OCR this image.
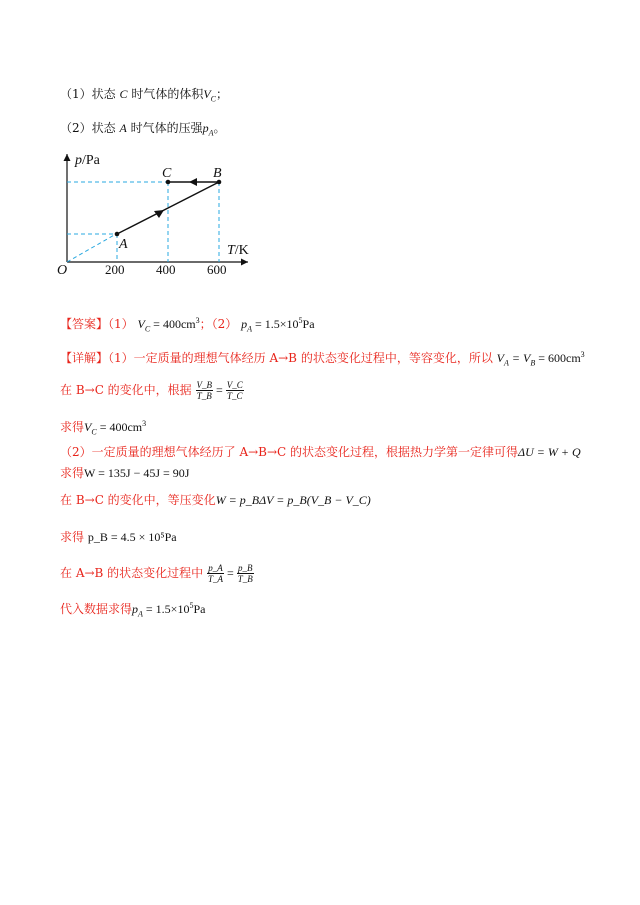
（1）状态 C 时气体的体积$V_C$；
（2）状态 A 时气体的压强$p_A$。
p/Pa
T/K
O	200 400 600
A
B
C
【答案】（1） $V_C = 400cm^3$；（2） $p_A = 1.5\times 10^5Pa$
【详解】（1）一定质量的理想气体经历 A→B 的状态变化过程中，等容变化，所以 $V_A = V_B = 600cm^3$
在 B→C 的变化中，根据 $\frac{V\_B}{T\_B} = \frac{V\_C}{T\_C}$
求得$V_C = 400cm^3$
（2）一定质量的理想气体经历了 A→B→C 的状态变化过程，根据热力学第一定律可得ΔU = W + Q
求得W = 135J − 45J = 90J
在 B→C 的变化中，等压变化W = p_BΔV = p_B(V_B − V_C)
求得 p_B = 4.5 × 10⁵Pa
在 A→B 的状态变化过程中 $\frac{p\_A}{T\_A} = \frac{p\_B}{T\_B}$
代入数据求得$p_A = 1.5\times 10^5Pa$
